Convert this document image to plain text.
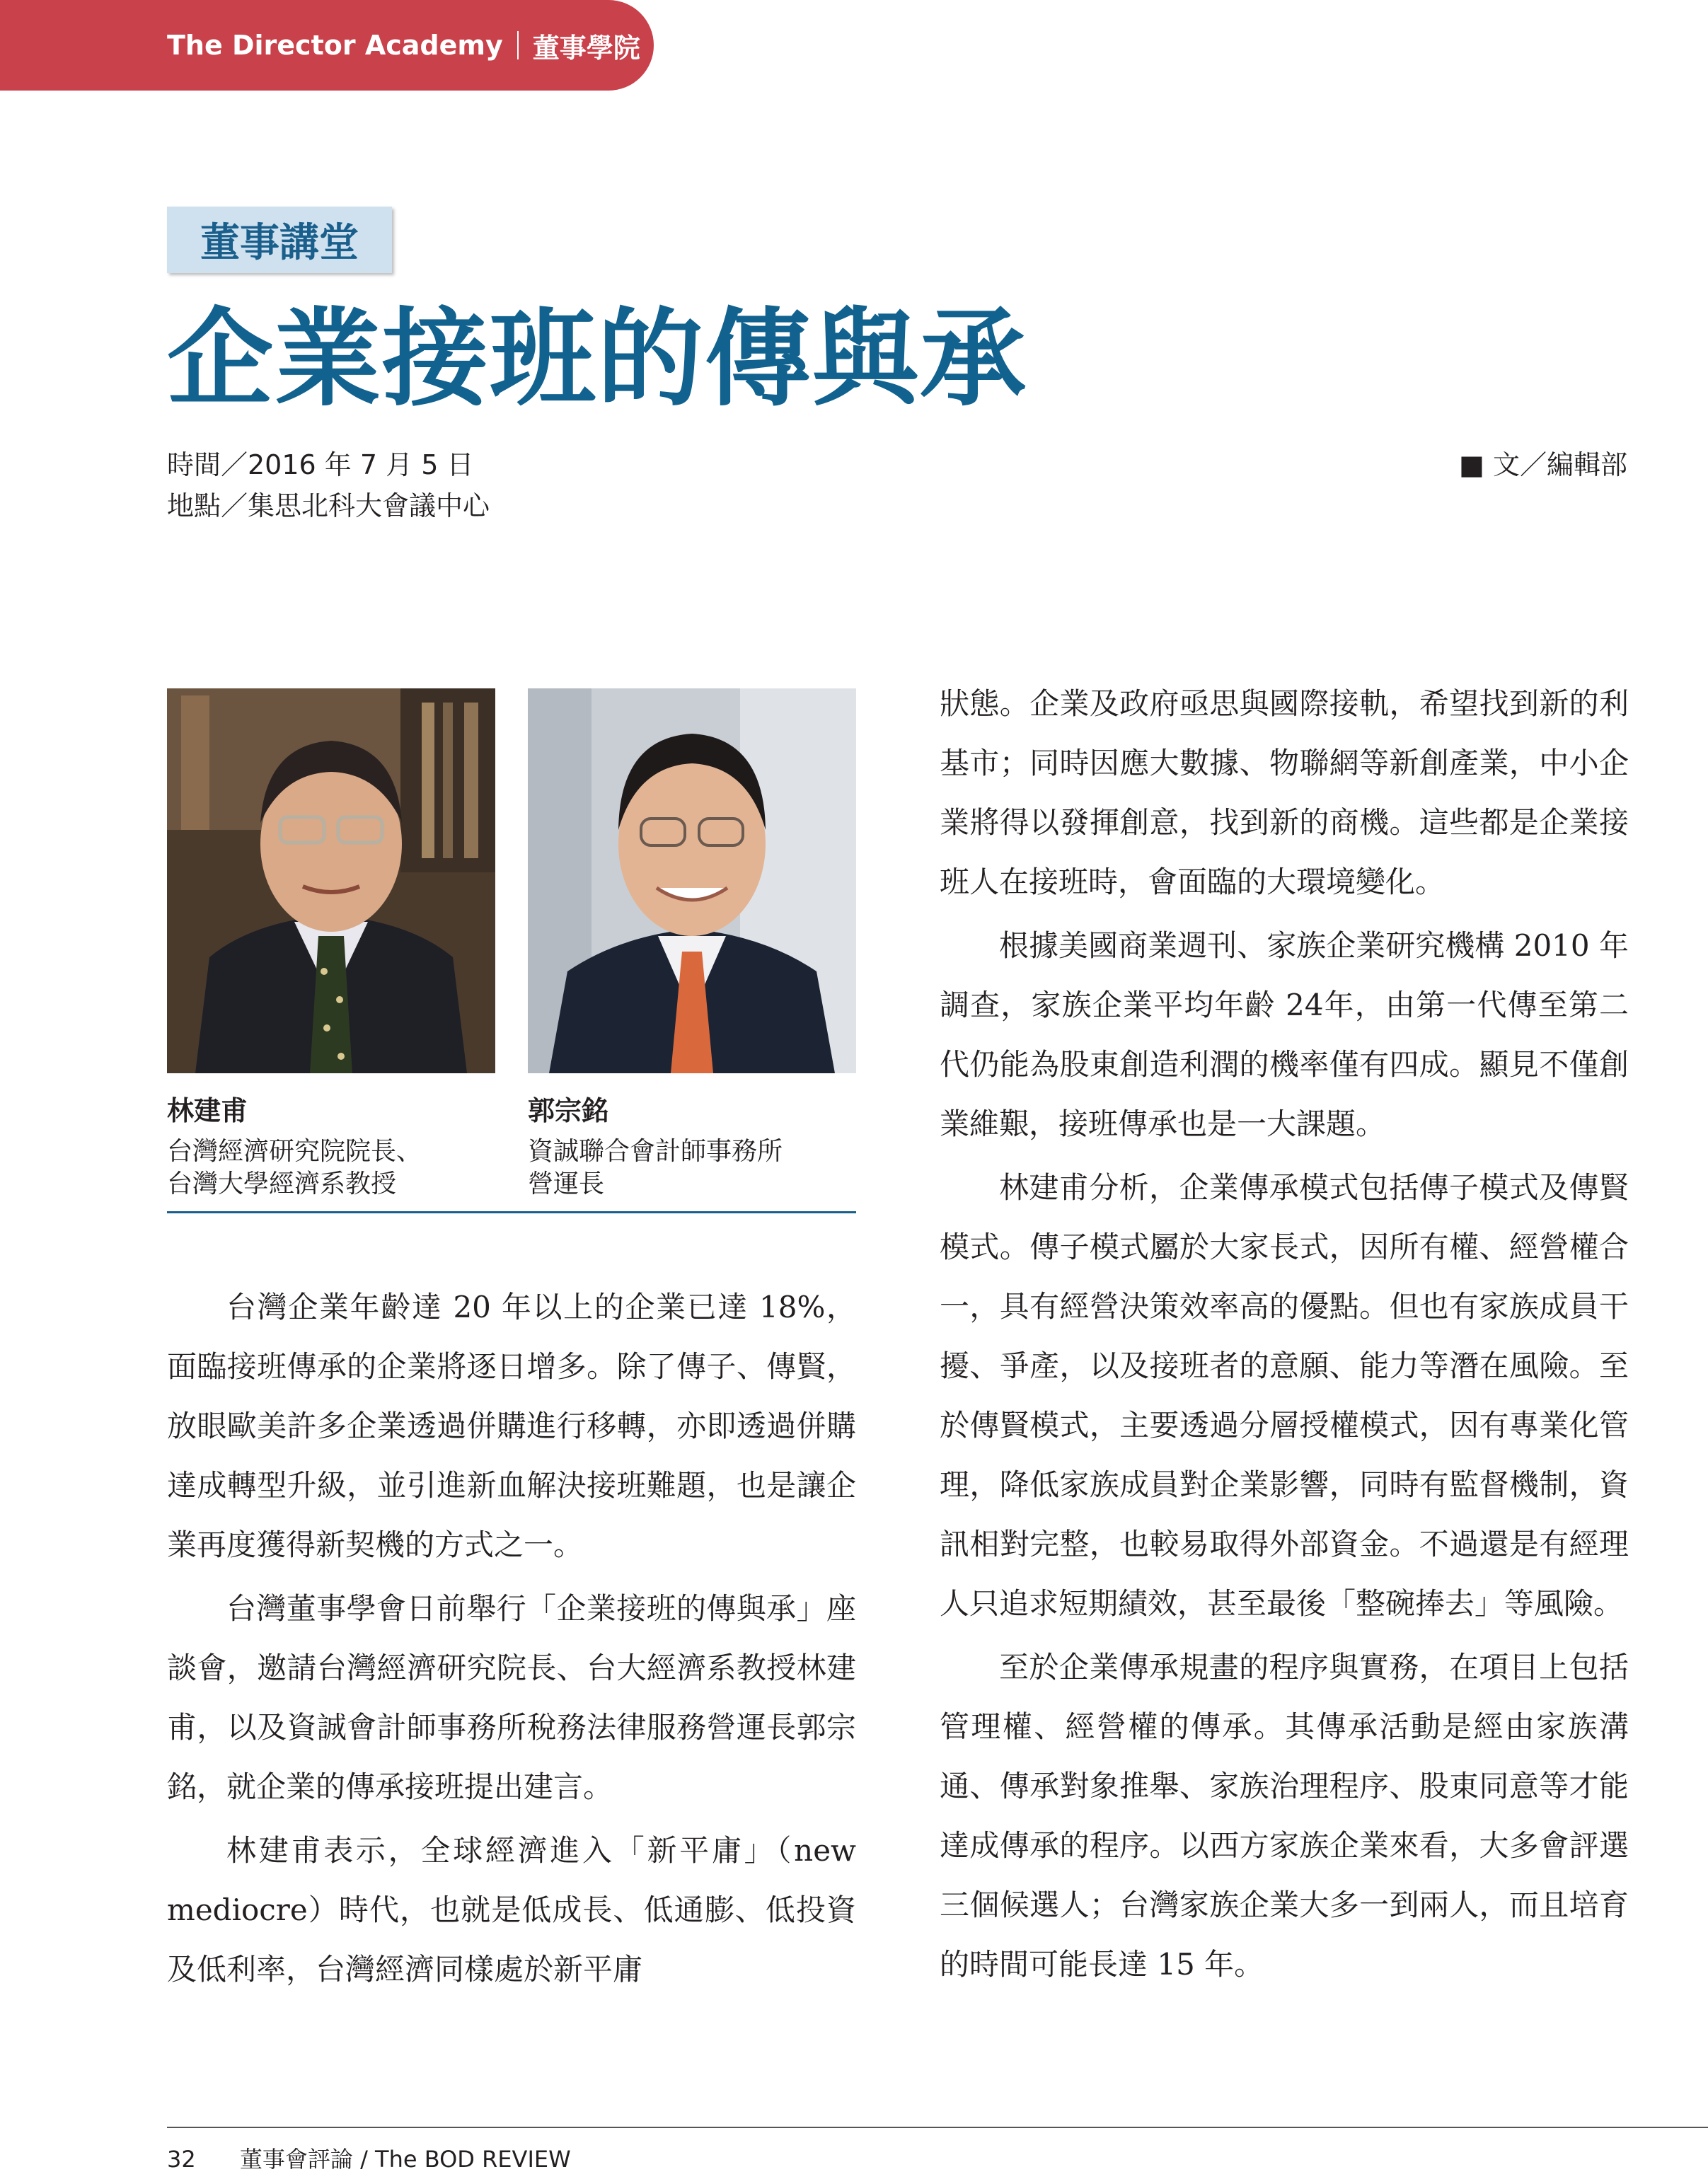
The Director Academy 董事學院
董事講堂
企業接班的傳與承
時間／2016 年 7 月 5 日
地點／集思北科大會議中心
■ 文／編輯部
林建甫
台灣經濟研究院院長、
台灣大學經濟系教授
郭宗銘
資誠聯合會計師事務所
營運長

台灣企業年齡達 20 年以上的企業已達 18%，面臨接班傳承的企業將逐日增多。除了傳子、傳賢，放眼歐美許多企業透過併購進行移轉，亦即透過併購達成轉型升級，並引進新血解決接班難題，也是讓企業再度獲得新契機的方式之一。

台灣董事學會日前舉行「企業接班的傳與承」座談會，邀請台灣經濟研究院長、台大經濟系教授林建甫，以及資誠會計師事務所稅務法律服務營運長郭宗銘，就企業的傳承接班提出建言。

林建甫表示，全球經濟進入「新平庸」（new mediocre）時代，也就是低成長、低通膨、低投資及低利率，台灣經濟同樣處於新平庸

狀態。企業及政府亟思與國際接軌，希望找到新的利基市；同時因應大數據、物聯網等新創產業，中小企業將得以發揮創意，找到新的商機。這些都是企業接班人在接班時，會面臨的大環境變化。

根據美國商業週刊、家族企業研究機構 2010 年調查，家族企業平均年齡 24年，由第一代傳至第二代仍能為股東創造利潤的機率僅有四成。顯見不僅創業維艱，接班傳承也是一大課題。

林建甫分析，企業傳承模式包括傳子模式及傳賢模式。傳子模式屬於大家長式，因所有權、經營權合一，具有經營決策效率高的優點。但也有家族成員干擾、爭產，以及接班者的意願、能力等潛在風險。至於傳賢模式，主要透過分層授權模式，因有專業化管理，降低家族成員對企業影響，同時有監督機制，資訊相對完整，也較易取得外部資金。不過還是有經理人只追求短期績效，甚至最後「整碗捧去」等風險。

至於企業傳承規畫的程序與實務，在項目上包括管理權、經營權的傳承。其傳承活動是經由家族溝通、傳承對象推舉、家族治理程序、股東同意等才能達成傳承的程序。以西方家族企業來看，大多會評選三個候選人；台灣家族企業大多一到兩人，而且培育的時間可能長達 15 年。

32 董事會評論 / The BOD REVIEW
